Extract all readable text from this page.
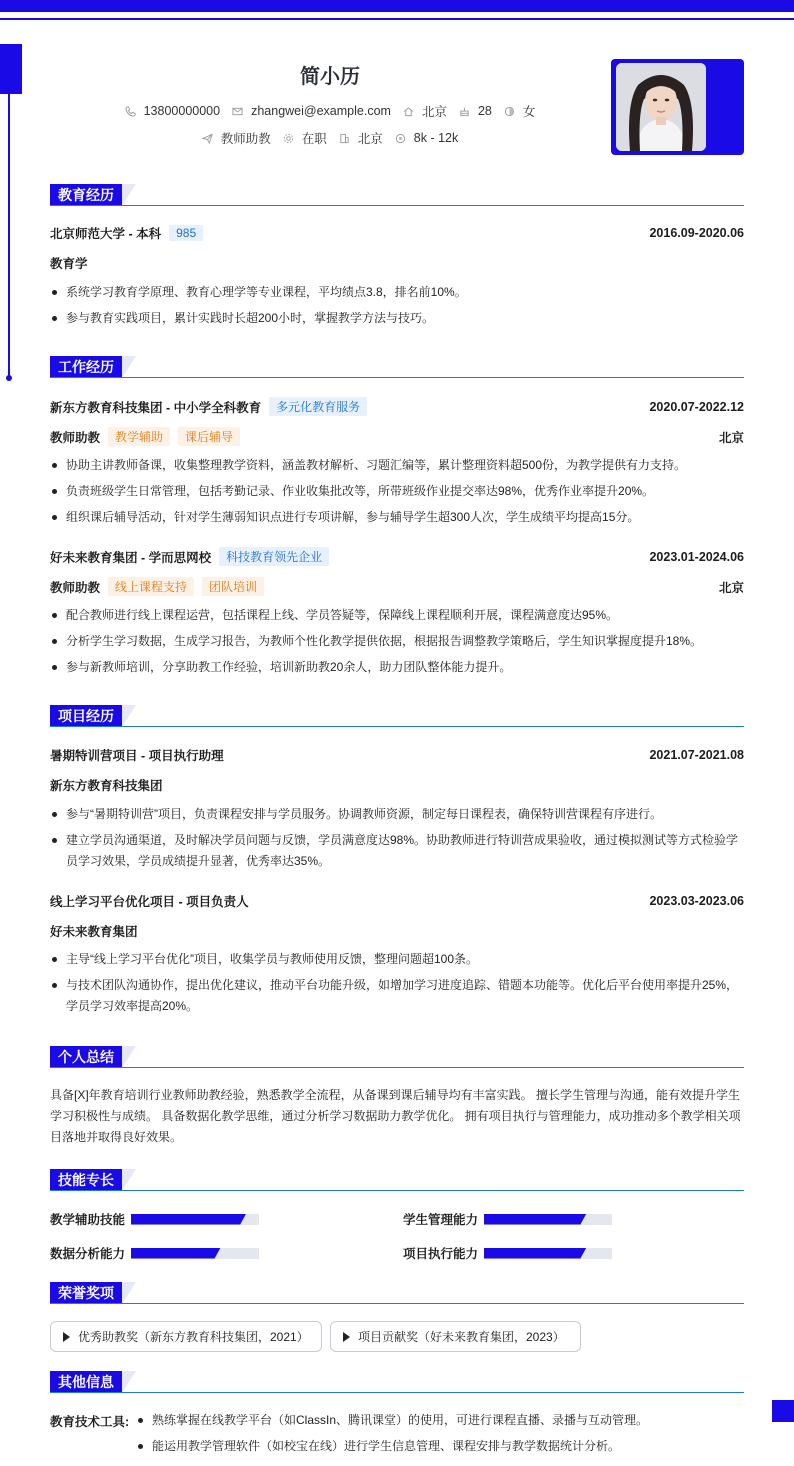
简小历
13800000000 zhangwei@example.com 北京 28 女
教师助教 在职 北京 8k - 12k
教育经历
北京师范大学 - 本科	985	2016.09-2020.06
教育学
系统学习教育学原理、教育心理学等专业课程，平均绩点3.8，排名前10%。
参与教育实践项目，累计实践时长超200小时，掌握教学方法与技巧。
工作经历
新东方教育科技集团 - 中小学全科教育	多元化教育服务	2020.07-2022.12
教师助教	教学辅助	课后辅导	北京
协助主讲教师备课，收集整理教学资料，涵盖教材解析、习题汇编等，累计整理资料超500份，为教学提供有力支持。
负责班级学生日常管理，包括考勤记录、作业收集批改等，所带班级作业提交率达98%，优秀作业率提升20%。
组织课后辅导活动，针对学生薄弱知识点进行专项讲解，参与辅导学生超300人次，学生成绩平均提高15分。
好未来教育集团 - 学而思网校	科技教育领先企业	2023.01-2024.06
教师助教	线上课程支持	团队培训	北京
配合教师进行线上课程运营，包括课程上线、学员答疑等，保障线上课程顺利开展，课程满意度达95%。
分析学生学习数据，生成学习报告，为教师个性化教学提供依据，根据报告调整教学策略后，学生知识掌握度提升18%。
参与新教师培训，分享助教工作经验，培训新助教20余人，助力团队整体能力提升。
项目经历
暑期特训营项目 - 项目执行助理	2021.07-2021.08
新东方教育科技集团
参与“暑期特训营”项目，负责课程安排与学员服务。协调教师资源，制定每日课程表，确保特训营课程有序进行。
建立学员沟通渠道，及时解决学员问题与反馈，学员满意度达98%。协助教师进行特训营成果验收，通过模拟测试等方式检验学员学习效果，学员成绩提升显著，优秀率达35%。
线上学习平台优化项目 - 项目负责人	2023.03-2023.06
好未来教育集团
主导“线上学习平台优化”项目，收集学员与教师使用反馈，整理问题超100条。
与技术团队沟通协作，提出优化建议，推动平台功能升级，如增加学习进度追踪、错题本功能等。优化后平台使用率提升25%，学员学习效率提高20%。
个人总结
具备[X]年教育培训行业教师助教经验，熟悉教学全流程，从备课到课后辅导均有丰富实践。 擅长学生管理与沟通，能有效提升学生学习积极性与成绩。 具备数据化教学思维，通过分析学习数据助力教学优化。 拥有项目执行与管理能力，成功推动多个教学相关项目落地并取得良好效果。
技能专长
教学辅助技能	学生管理能力
数据分析能力	项目执行能力
荣誉奖项
优秀助教奖（新东方教育科技集团，2021）	项目贡献奖（好未来教育集团，2023）
其他信息
教育技术工具:	熟练掌握在线教学平台（如ClassIn、腾讯课堂）的使用，可进行课程直播、录播与互动管理。
能运用教学管理软件（如校宝在线）进行学生信息管理、课程安排与教学数据统计分析。
